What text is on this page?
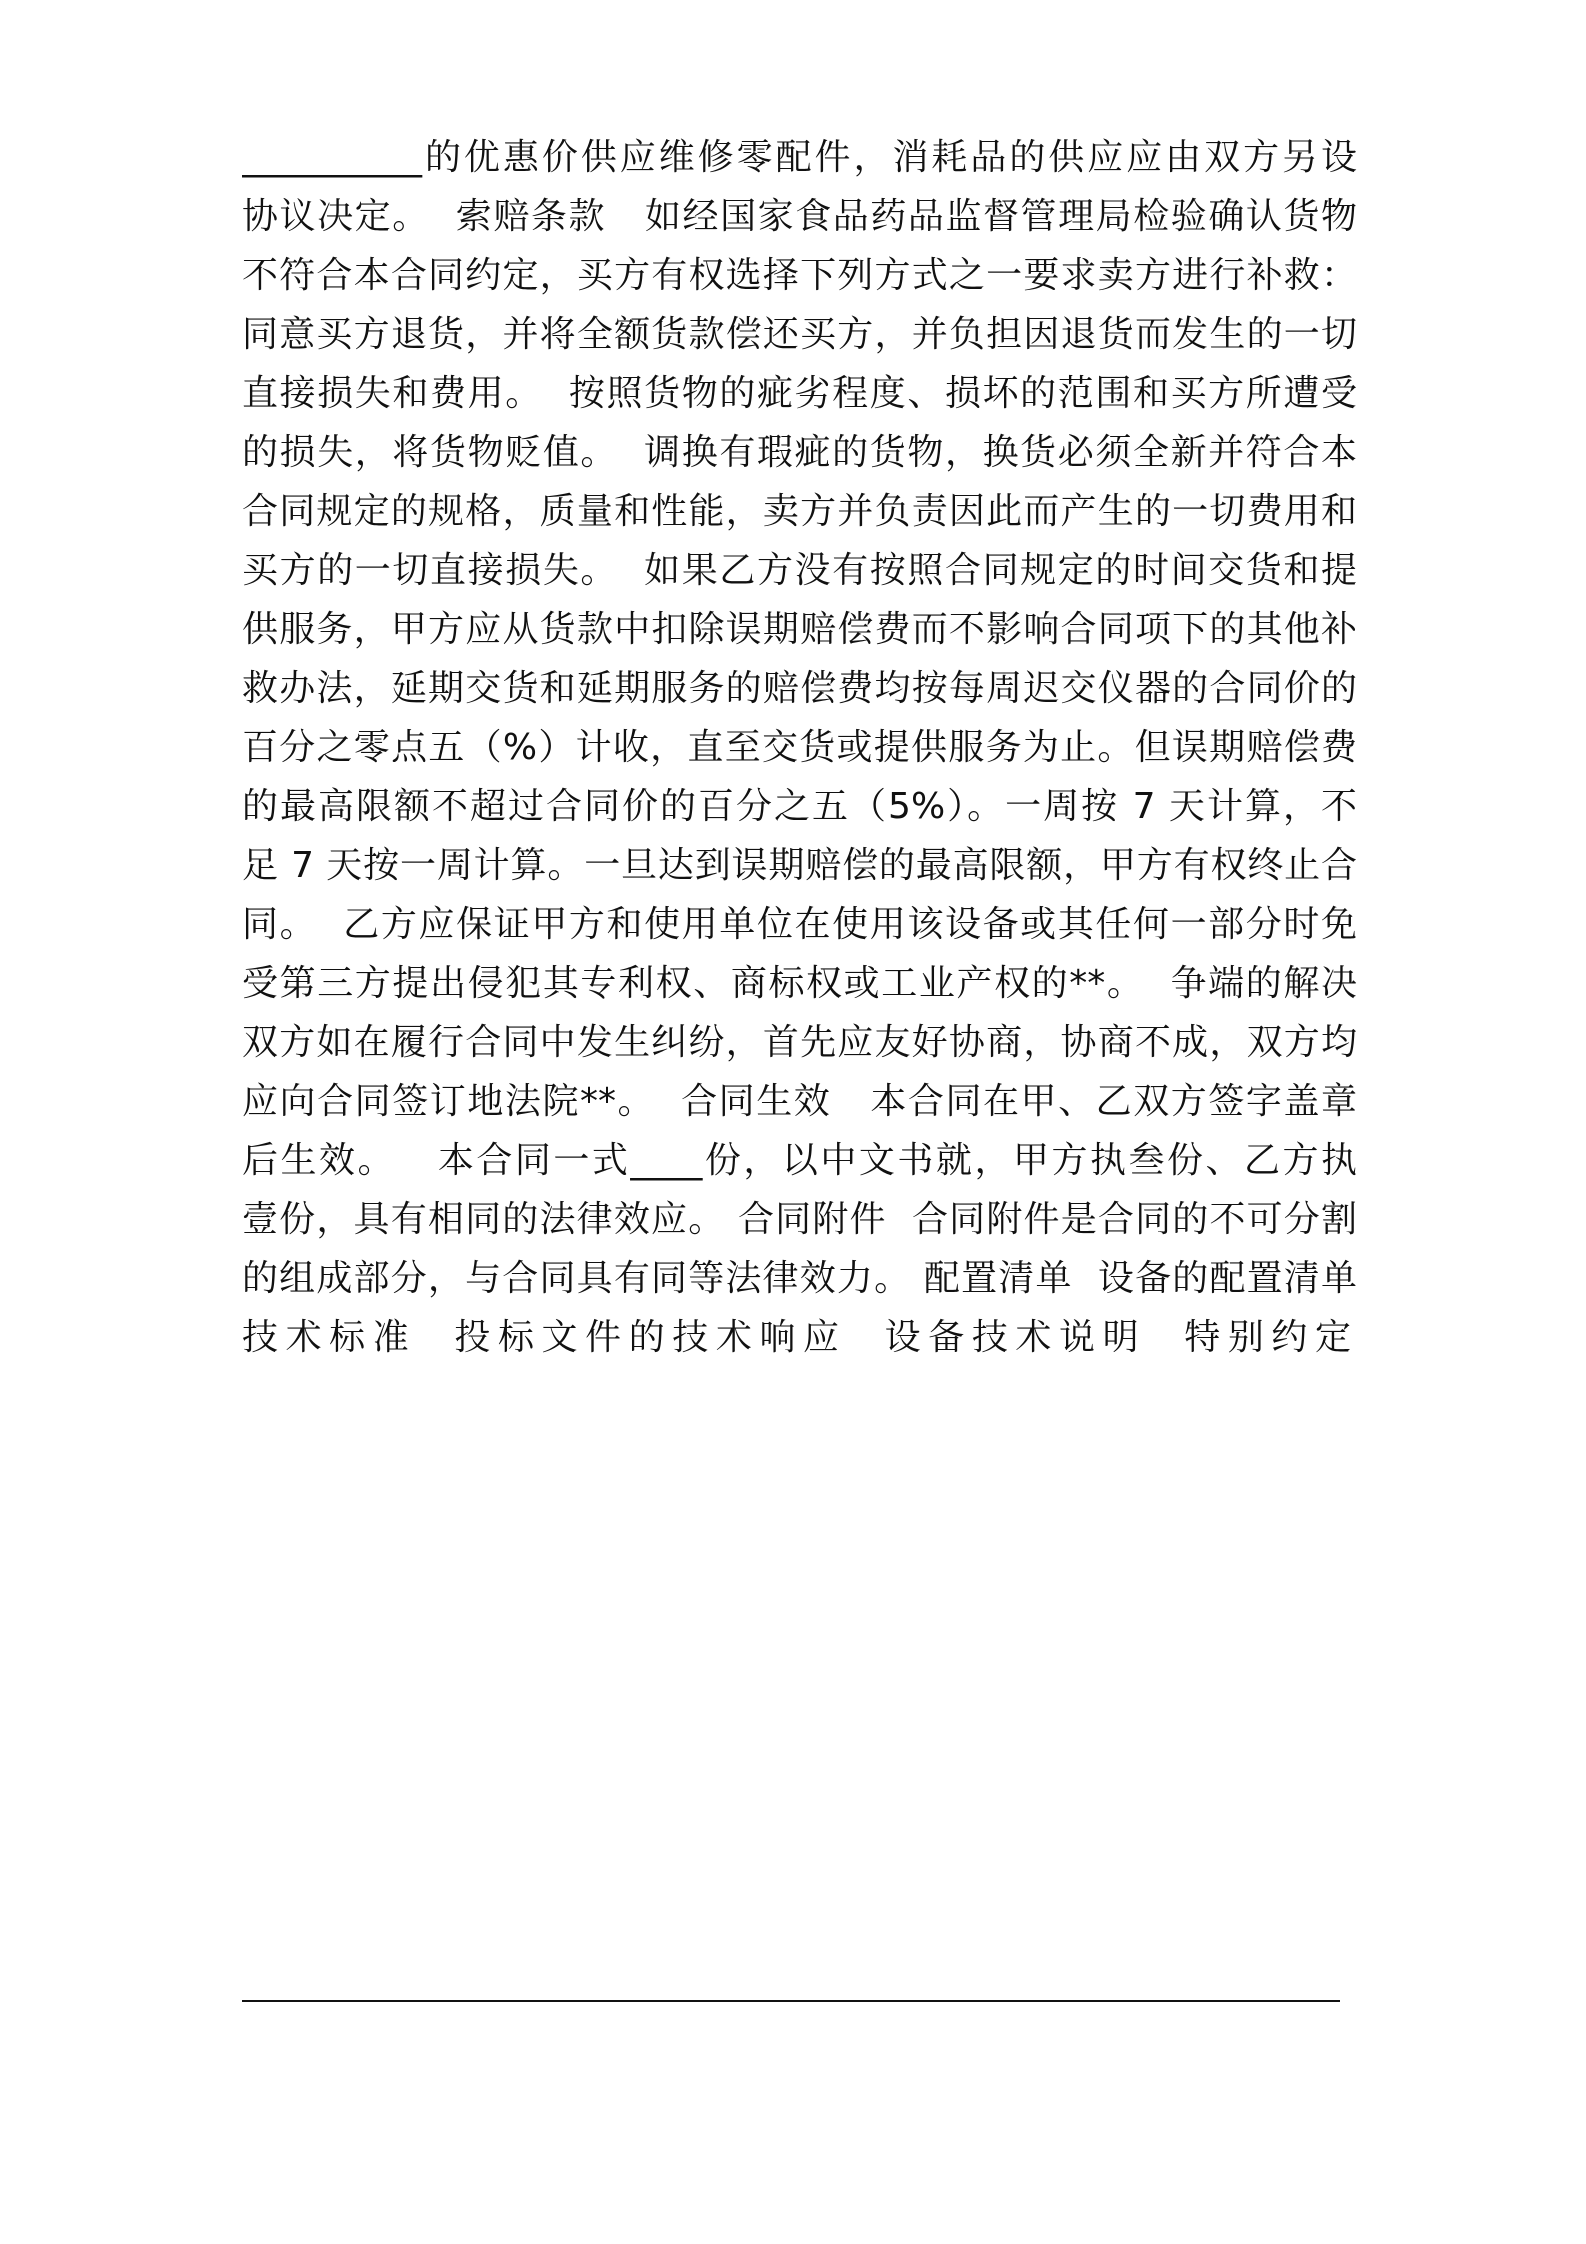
__________的优惠价供应维修零配件，消耗品的供应应由双方另设
协议决定。  索赔条款   如经国家食品药品监督管理局检验确认货物
不符合本合同约定，买方有权选择下列方式之一要求卖方进行补救：
同意买方退货，并将全额货款偿还买方，并负担因退货而发生的一切
直接损失和费用。  按照货物的疵劣程度、损坏的范围和买方所遭受
的损失，将货物贬值。  调换有瑕疵的货物，换货必须全新并符合本
合同规定的规格，质量和性能，卖方并负责因此而产生的一切费用和
买方的一切直接损失。  如果乙方没有按照合同规定的时间交货和提
供服务，甲方应从货款中扣除误期赔偿费而不影响合同项下的其他补
救办法，延期交货和延期服务的赔偿费均按每周迟交仪器的合同价的
百分之零点五（%）计收，直至交货或提供服务为止。但误期赔偿费
的最高限额不超过合同价的百分之五（5%）。一周按 7 天计算，不
足 7 天按一周计算。一旦达到误期赔偿的最高限额，甲方有权终止合
同。  乙方应保证甲方和使用单位在使用该设备或其任何一部分时免
受第三方提出侵犯其专利权、商标权或工业产权的**。  争端的解决
双方如在履行合同中发生纠纷，首先应友好协商，协商不成，双方均
应向合同签订地法院**。  合同生效   本合同在甲、乙双方签字盖章
后生效。   本合同一式____份，以中文书就，甲方执叁份、乙方执
壹份，具有相同的法律效应。 合同附件  合同附件是合同的不可分割
的组成部分，与合同具有同等法律效力。 配置清单  设备的配置清单
技术标准  投标文件的技术响应  设备技术说明  特别约定
